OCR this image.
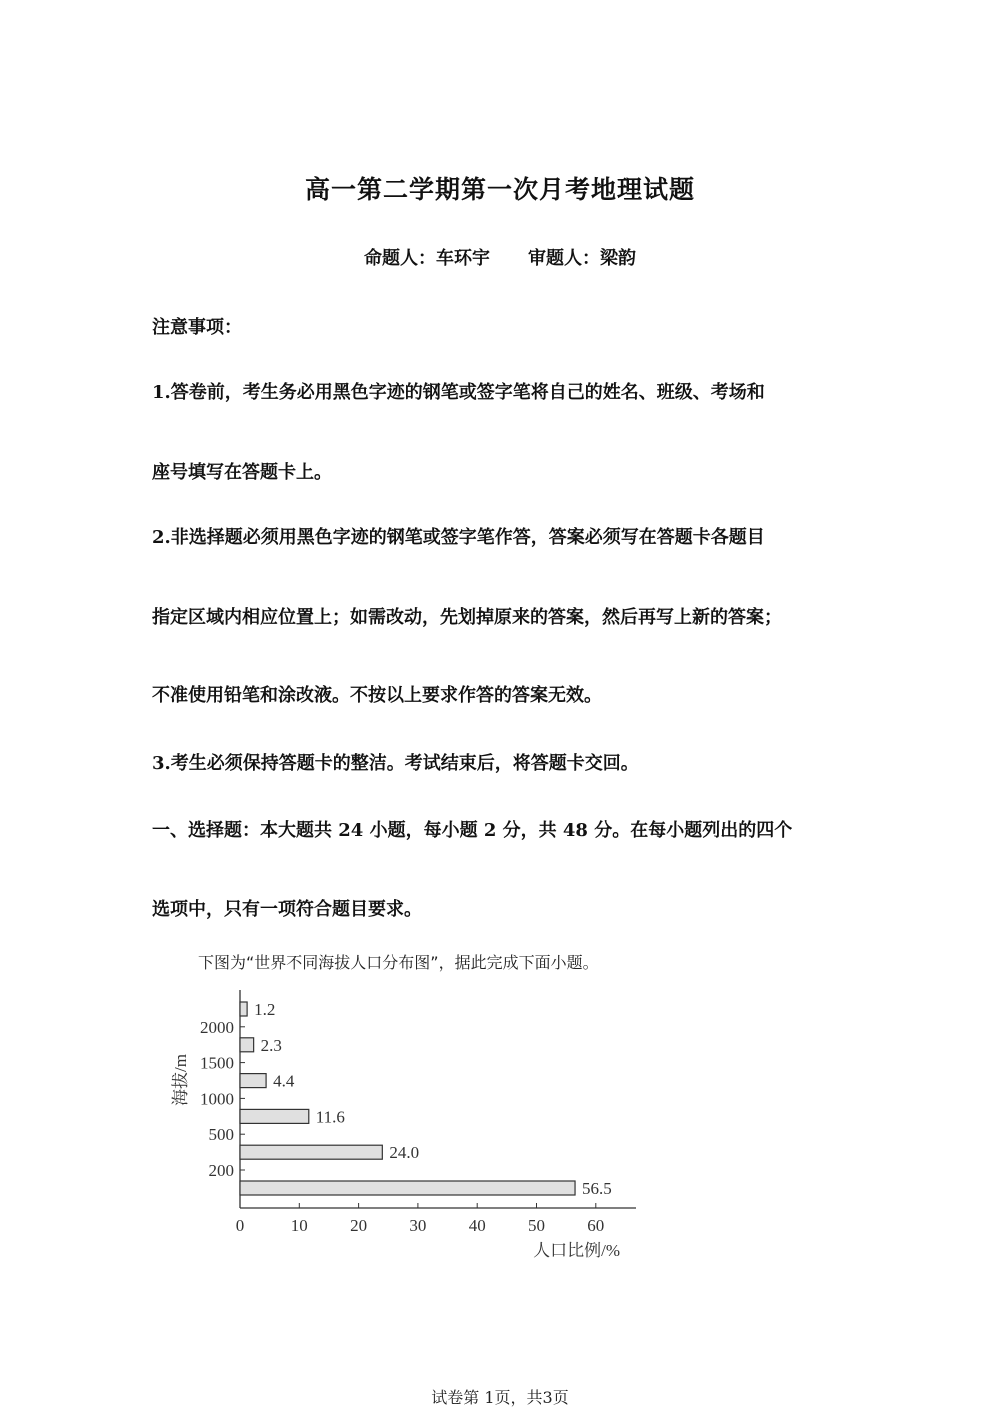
高一第二学期第一次月考地理试题
命题人：车环宇 审题人：梁韵
注意事项：
1.答卷前，考生务必用黑色字迹的钢笔或签字笔将自己的姓名、班级、考场和
座号填写在答题卡上。
2.非选择题必须用黑色字迹的钢笔或签字笔作答，答案必须写在答题卡各题目
指定区域内相应位置上；如需改动，先划掉原来的答案，然后再写上新的答案；
不准使用铅笔和涂改液。不按以上要求作答的答案无效。
3.考生必须保持答题卡的整洁。考试结束后，将答题卡交回。
一、选择题：本大题共 24 小题，每小题 2 分，共 48 分。在每小题列出的四个
选项中，只有一项符合题目要求。
下图为“世界不同海拔人口分布图”，据此完成下面小题。
0	10 20 30 40 50 60
56.5
24.0
11.6
4.4
2.3
1.2
200
500
1000
1500
2000
海拔/m
人口比例/%
试卷第 1页，共3页
